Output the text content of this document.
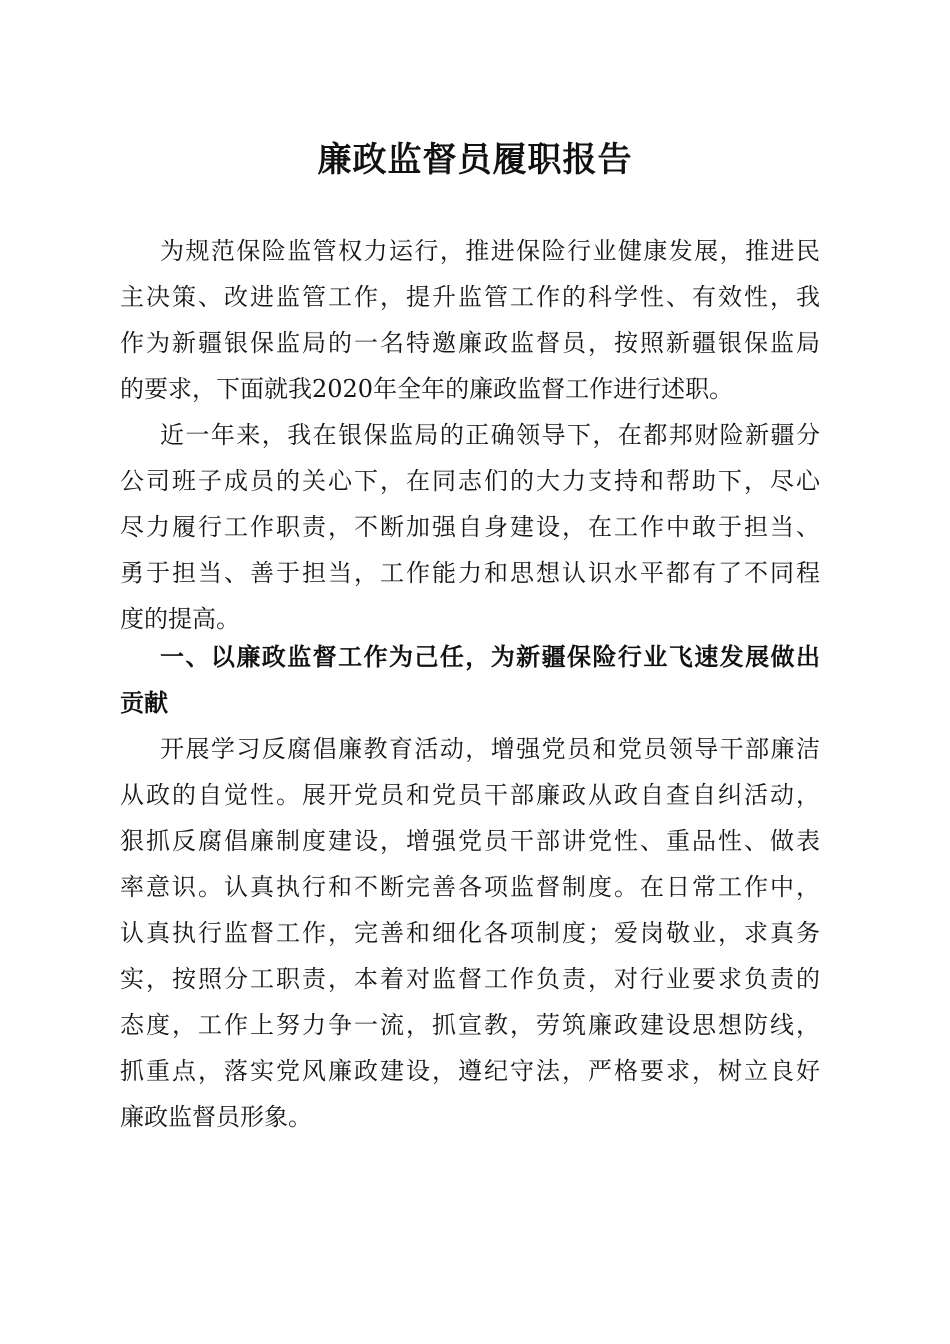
廉政监督员履职报告
为规范保险监管权力运行，推进保险行业健康发展，推进民
主决策、改进监管工作，提升监管工作的科学性、有效性，我
作为新疆银保监局的一名特邀廉政监督员，按照新疆银保监局
的要求，下面就我2020年全年的廉政监督工作进行述职。
近一年来，我在银保监局的正确领导下，在都邦财险新疆分
公司班子成员的关心下，在同志们的大力支持和帮助下，尽心
尽力履行工作职责，不断加强自身建设，在工作中敢于担当、
勇于担当、善于担当，工作能力和思想认识水平都有了不同程
度的提高。
一、以廉政监督工作为己任，为新疆保险行业飞速发展做出
贡献
开展学习反腐倡廉教育活动，增强党员和党员领导干部廉洁
从政的自觉性。展开党员和党员干部廉政从政自查自纠活动，
狠抓反腐倡廉制度建设，增强党员干部讲党性、重品性、做表
率意识。认真执行和不断完善各项监督制度。在日常工作中，
认真执行监督工作，完善和细化各项制度；爱岗敬业，求真务
实，按照分工职责，本着对监督工作负责，对行业要求负责的
态度，工作上努力争一流，抓宣教，劳筑廉政建设思想防线，
抓重点，落实党风廉政建设，遵纪守法，严格要求，树立良好
廉政监督员形象。
